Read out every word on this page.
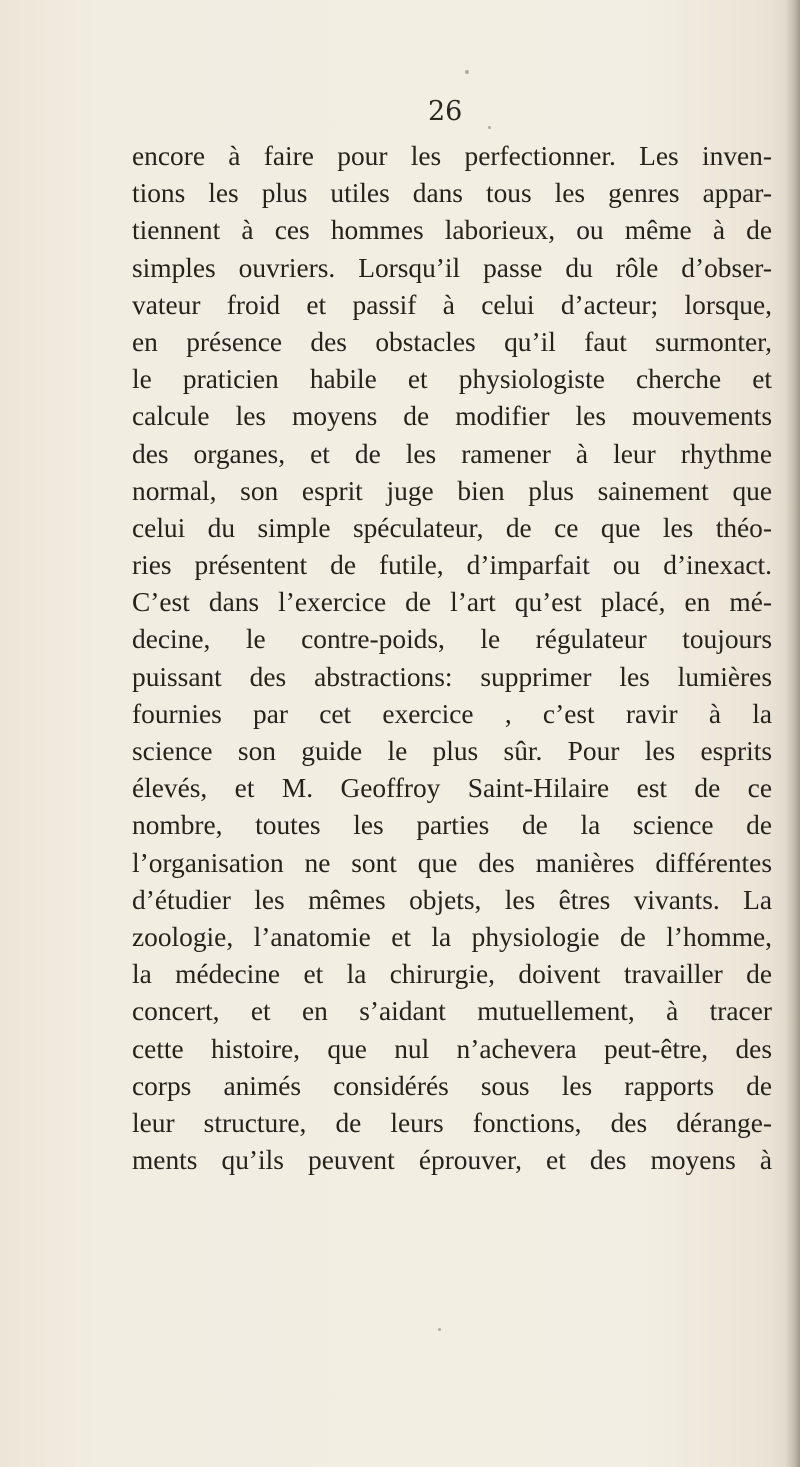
26
encore à faire pour les perfectionner. Les inven-
tions les plus utiles dans tous les genres appar-
tiennent à ces hommes laborieux, ou même à de
simples ouvriers. Lorsqu’il passe du rôle d’obser-
vateur froid et passif à celui d’acteur; lorsque,
en présence des obstacles qu’il faut surmonter,
le praticien habile et physiologiste cherche et
calcule les moyens de modifier les mouvements
des organes, et de les ramener à leur rhythme
normal, son esprit juge bien plus sainement que
celui du simple spéculateur, de ce que les théo-
ries présentent de futile, d’imparfait ou d’inexact.
C’est dans l’exercice de l’art qu’est placé, en mé-
decine, le contre-poids, le régulateur toujours
puissant des abstractions: supprimer les lumières
fournies par cet exercice , c’est ravir à la
science son guide le plus sûr. Pour les esprits
élevés, et M. Geoffroy Saint-Hilaire est de ce
nombre, toutes les parties de la science de
l’organisation ne sont que des manières différentes
d’étudier les mêmes objets, les êtres vivants. La
zoologie, l’anatomie et la physiologie de l’homme,
la médecine et la chirurgie, doivent travailler de
concert, et en s’aidant mutuellement, à tracer
cette histoire, que nul n’achevera peut-être, des
corps animés considérés sous les rapports de
leur structure, de leurs fonctions, des dérange-
ments qu’ils peuvent éprouver, et des moyens à
